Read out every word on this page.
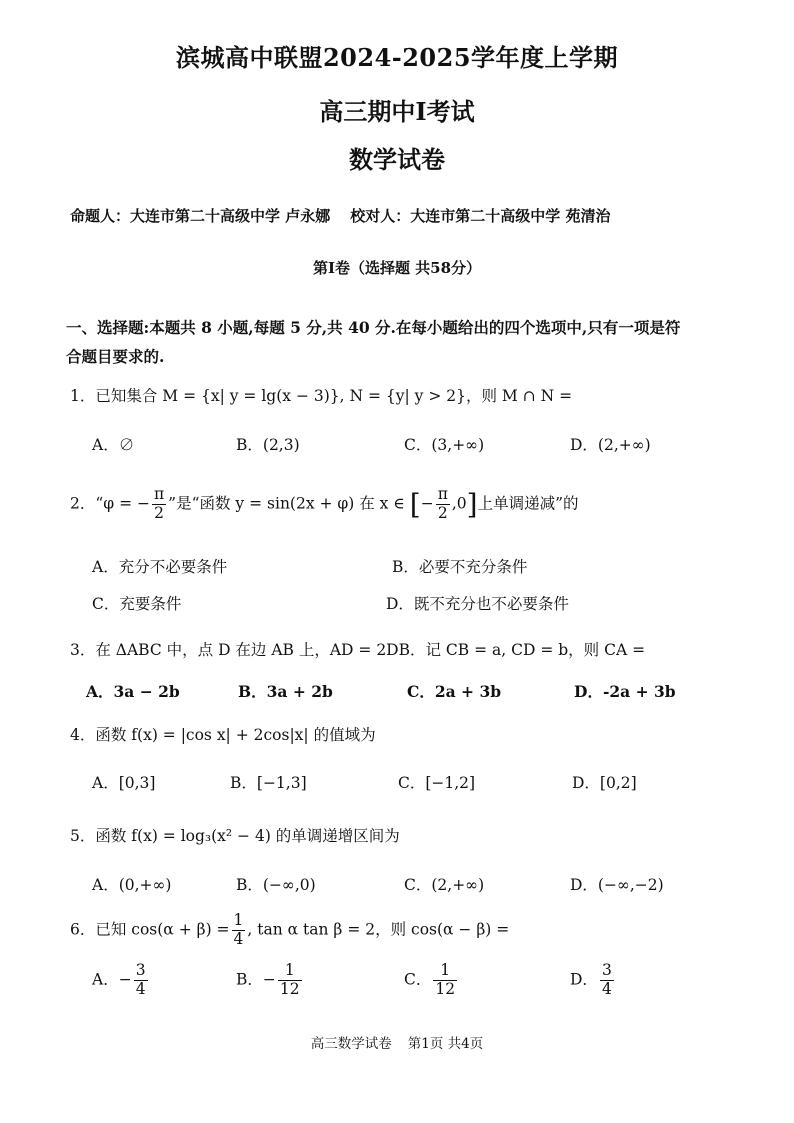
滨城高中联盟2024-2025学年度上学期
高三期中Ⅰ考试
数学试卷
命题人：大连市第二十高级中学 卢永娜 校对人：大连市第二十高级中学 苑清治
第Ⅰ卷（选择题 共58分）
一、选择题:本题共 8 小题,每题 5 分,共 40 分.在每小题给出的四个选项中,只有一项是符
合题目要求的.
1．已知集合 M = {x| y = lg(x − 3)}, N = {y| y > 2}，则 M ∩ N =
A．∅	B．(2,3)	C．(3,+∞)	D．(2,+∞)
2．“φ = − $\frac{\pi}{2}$ ”是“函数 y = sin(2x + φ) 在 x ∈ [− $\frac{\pi}{2} ,0$]上单调递减”的
A．充分不必要条件	B．必要不充分条件
C．充要条件	D．既不充分也不必要条件
3．在 ΔABC 中，点 D 在边 AB 上，AD = 2DB．记 CB = a, CD = b，则 CA =
A．3a − 2b	B．3a + 2b	C．2a + 3b	D．-2a + 3b
4．函数 f(x) = |cos x| + 2cos|x| 的值域为
A．[0,3]	B．[−1,3]	C．[−1,2]	D．[0,2]
5．函数 f(x) = log₃(x² − 4) 的单调递增区间为
A．(0,+∞)	B．(−∞,0)	C．(2,+∞)	D．(−∞,−2)
6．已知 $\cos(\alpha + \beta) = \frac{1}{4}$ , tan α tan β = 2，则 cos(α − β) =
A．− $\frac{3}{4}$	B．− $\frac{1}{12}$	C． $\frac{1}{12}$	D． $\frac{3}{4}$
高三数学试卷 第1页 共4页
